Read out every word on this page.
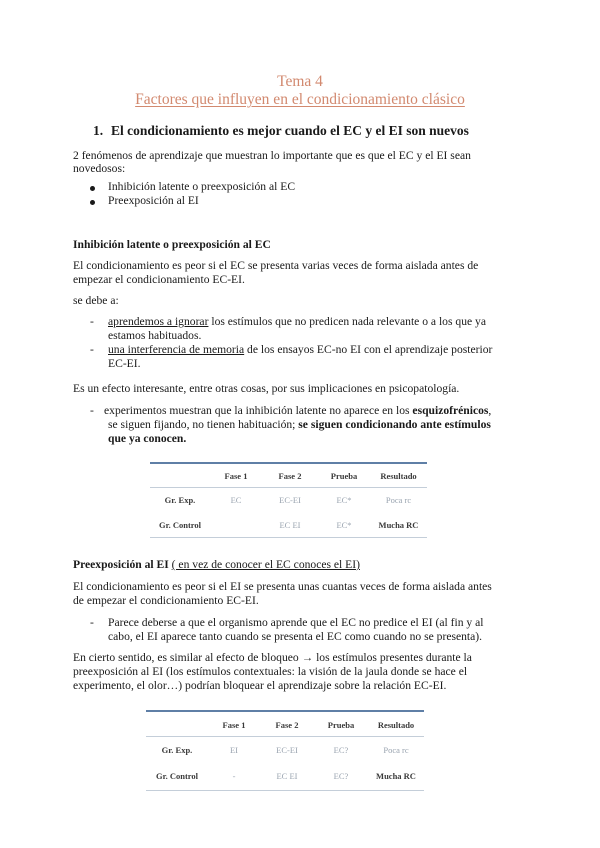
Tema 4
Factores que influyen en el condicionamiento clásico
1. El condicionamiento es mejor cuando el EC y el EI son nuevos
2 fenómenos de aprendizaje que muestran lo importante que es que el EC y el EI sean
novedosos:
Inhibición latente o preexposición al EC
Preexposición al EI
Inhibición latente o preexposición al EC
El condicionamiento es peor si el EC se presenta varias veces de forma aislada antes de
empezar el condicionamiento EC-EI.
se debe a:
- aprendemos a ignorar los estímulos que no predicen nada relevante o a los que ya
estamos habituados.
- una interferencia de memoria de los ensayos EC-no EI con el aprendizaje posterior
EC-EI.
Es un efecto interesante, entre otras cosas, por sus implicaciones en psicopatología.
- experimentos muestran que la inhibición latente no aparece en los esquizofrénicos,
se siguen fijando, no tienen habituación; se siguen condicionando ante estímulos
que ya conocen.
	Fase 1	Fase 2	Prueba	Resultado
Gr. Exp.	EC	EC-EI	EC*	Poca rc
Gr. Control		EC EI	EC*	Mucha RC
Preexposición al EI ( en vez de conocer el EC conoces el EI)
El condicionamiento es peor si el EI se presenta unas cuantas veces de forma aislada antes
de empezar el condicionamiento EC-EI.
- Parece deberse a que el organismo aprende que el EC no predice el EI (al fin y al
cabo, el EI aparece tanto cuando se presenta el EC como cuando no se presenta).
En cierto sentido, es similar al efecto de bloqueo → los estímulos presentes durante la
preexposición al EI (los estímulos contextuales: la visión de la jaula donde se hace el
experimento, el olor…) podrían bloquear el aprendizaje sobre la relación EC-EI.
	Fase 1	Fase 2	Prueba	Resultado
Gr. Exp.	EI	EC-EI	EC?	Poca rc
Gr. Control	-	EC EI	EC?	Mucha RC
